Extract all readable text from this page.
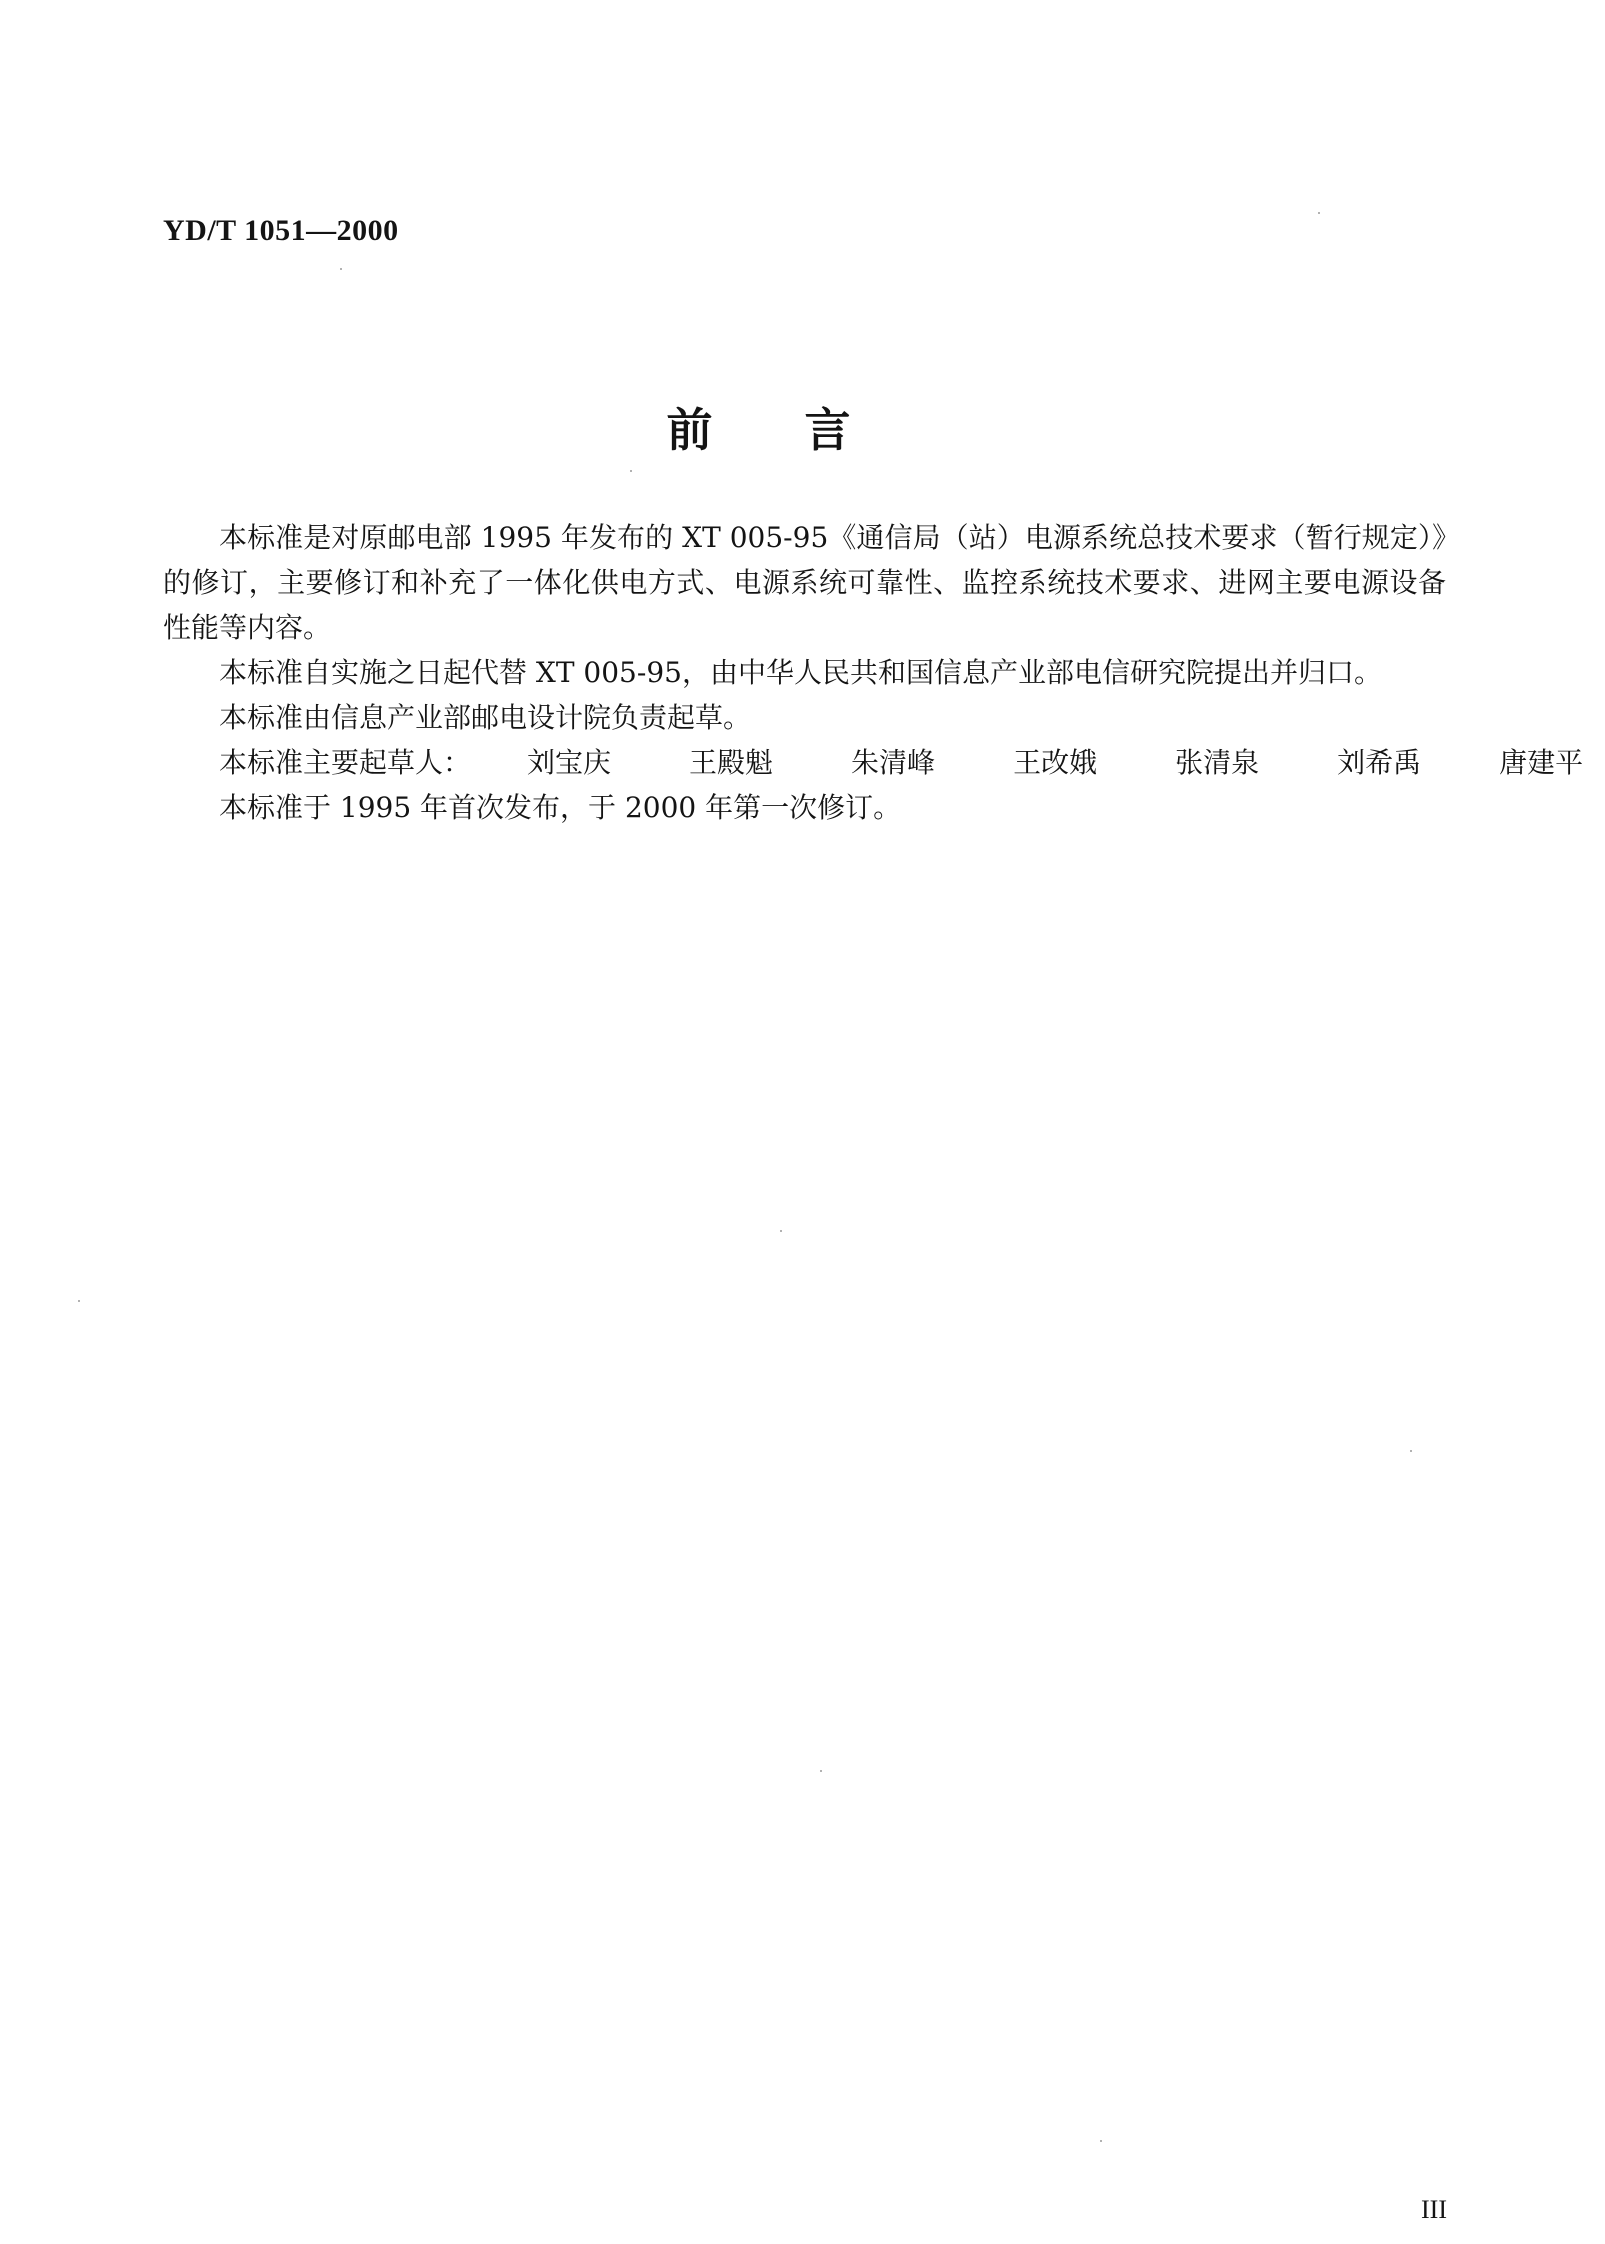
YD/T 1051—2000
前　　言

本标准是对原邮电部 1995 年发布的 XT 005-95《通信局（站）电源系统总技术要求（暂行规定）》的修订，主要修订和补充了一体化供电方式、电源系统可靠性、监控系统技术要求、进网主要电源设备性能等内容。

本标准自实施之日起代替 XT 005-95，由中华人民共和国信息产业部电信研究院提出并归口。

本标准由信息产业部邮电设计院负责起草。

本标准主要起草人： 刘宝庆	王殿魁	朱清峰	王改娥	张清泉	刘希禹	唐建平

本标准于 1995 年首次发布，于 2000 年第一次修订。

III
